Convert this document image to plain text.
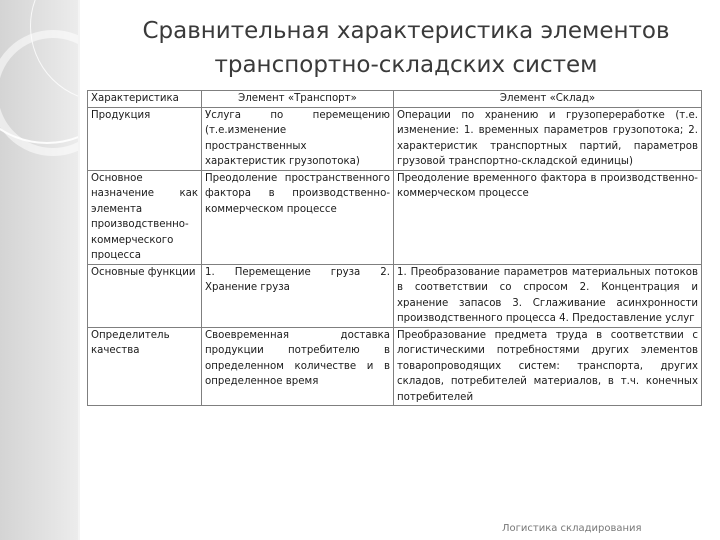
Сравнительная характеристика элементов
транспортно-складских систем
Характеристика	Элемент «Транспорт»	Элемент «Склад»
Продукция	Услуга по перемещению (т.е.изменение пространственных характеристик грузопотока)	Операции по хранению и грузопереработке (т.е. изменение: 1. временных параметров грузопотока; 2. характеристик транспортных партий, параметров грузовой транспортно-складской единицы)
Основное назначение как элемента производственно-коммерческого процесса	Преодоление пространственного фактора в производственно-коммерческом процессе	Преодоление временного фактора в производственно-коммерческом процессе
Основные функции	1. Перемещение груза 2. Хранение груза	1. Преобразование параметров материальных потоков в соответствии со спросом 2. Концентрация и хранение запасов 3. Сглаживание асинхронности производственного процесса 4. Предоставление услуг
Определитель качества	Своевременная доставка продукции потребителю в определенном количестве и в определенное время	Преобразование предмета труда в соответствии с логистическими потребностями других элементов товаропроводящих систем: транспорта, других складов, потребителей материалов, в т.ч. конечных потребителей
Логистика складирования
